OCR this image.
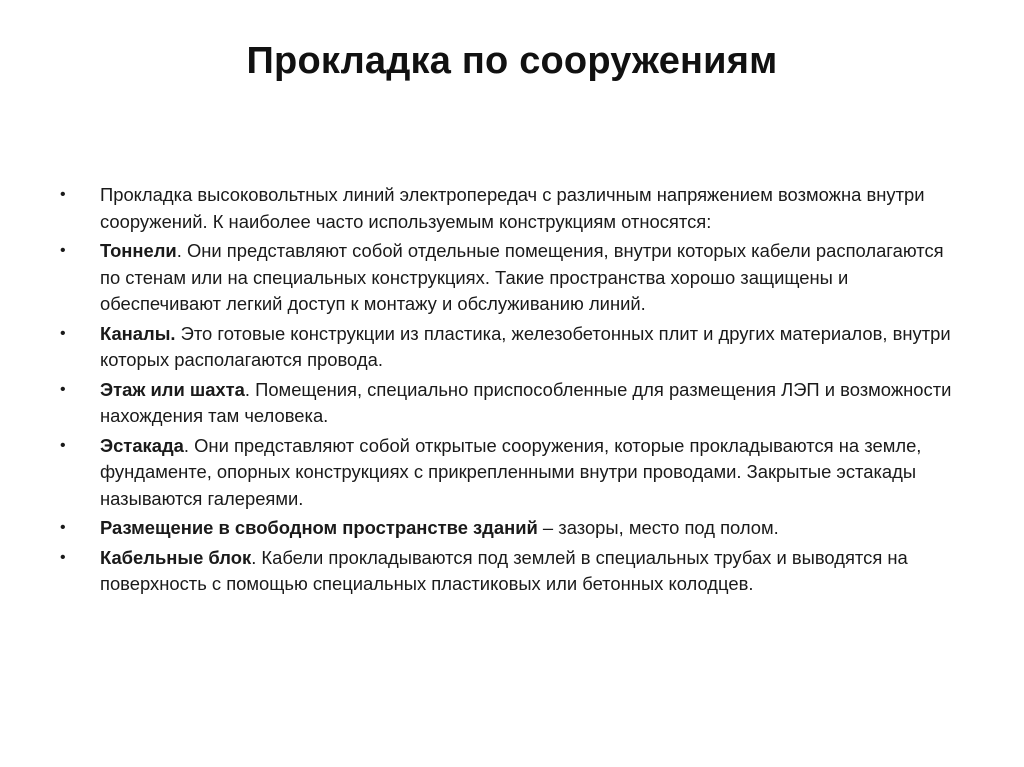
Прокладка по сооружениям
•	Прокладка высоковольтных линий электропередач с различным напряжением возможна внутри сооружений. К наиболее часто используемым конструкциям относятся:
•	Тоннели. Они представляют собой отдельные помещения, внутри которых кабели располагаются по стенам или на специальных конструкциях. Такие пространства хорошо защищены и обеспечивают легкий доступ к монтажу и обслуживанию линий.
•	Каналы. Это готовые конструкции из пластика, железобетонных плит и других материалов, внутри которых располагаются провода.
•	Этаж или шахта. Помещения, специально приспособленные для размещения ЛЭП и возможности нахождения там человека.
•	Эстакада. Они представляют собой открытые сооружения, которые прокладываются на земле, фундаменте, опорных конструкциях с прикрепленными внутри проводами. Закрытые эстакады называются галереями.
•	Размещение в свободном пространстве зданий – зазоры, место под полом.
•	Кабельные блок. Кабели прокладываются под землей в специальных трубах и выводятся на поверхность с помощью специальных пластиковых или бетонных колодцев.
